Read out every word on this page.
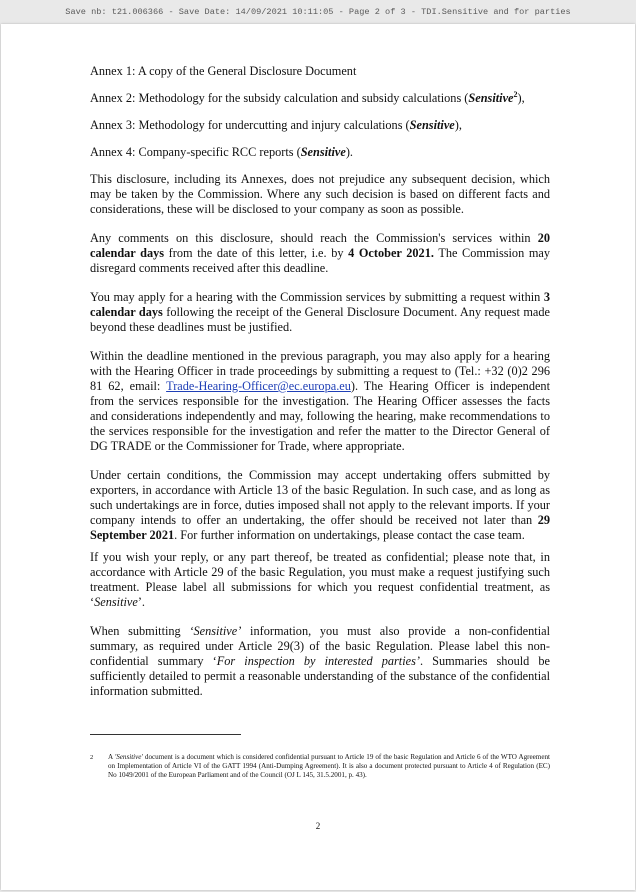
Save nb: t21.006366 - Save Date: 14/09/2021 10:11:05 - Page 2 of 3 - TDI.Sensitive and for parties

Annex 1: A copy of the General Disclosure Document

Annex 2: Methodology for the subsidy calculation and subsidy calculations (Sensitive$^2$),

Annex 3: Methodology for undercutting and injury calculations (Sensitive),

Annex 4: Company-specific RCC reports (Sensitive).

This disclosure, including its Annexes, does not prejudice any subsequent decision, which may be taken by the Commission. Where any such decision is based on different facts and considerations, these will be disclosed to your company as soon as possible.

Any comments on this disclosure, should reach the Commission's services within 20 calendar days from the date of this letter, i.e. by 4 October 2021. The Commission may disregard comments received after this deadline.

You may apply for a hearing with the Commission services by submitting a request within 3 calendar days following the receipt of the General Disclosure Document. Any request made beyond these deadlines must be justified.

Within the deadline mentioned in the previous paragraph, you may also apply for a hearing with the Hearing Officer in trade proceedings by submitting a request to (Tel.: +32 (0)2 296 81 62, email: Trade-Hearing-Officer@ec.europa.eu). The Hearing Officer is independent from the services responsible for the investigation. The Hearing Officer assesses the facts and considerations independently and may, following the hearing, make recommendations to the services responsible for the investigation and refer the matter to the Director General of DG TRADE or the Commissioner for Trade, where appropriate.

Under certain conditions, the Commission may accept undertaking offers submitted by exporters, in accordance with Article 13 of the basic Regulation. In such case, and as long as such undertakings are in force, duties imposed shall not apply to the relevant imports. If your company intends to offer an undertaking, the offer should be received not later than 29 September 2021. For further information on undertakings, please contact the case team.

If you wish your reply, or any part thereof, be treated as confidential; please note that, in accordance with Article 29 of the basic Regulation, you must make a request justifying such treatment. Please label all submissions for which you request confidential treatment, as ‘Sensitive’.

When submitting ‘Sensitive’ information, you must also provide a non-confidential summary, as required under Article 29(3) of the basic Regulation. Please label this non-confidential summary ‘For inspection by interested parties’. Summaries should be sufficiently detailed to permit a reasonable understanding of the substance of the confidential information submitted.

2 A 'Sensitive' document is a document which is considered confidential pursuant to Article 19 of the basic Regulation and Article 6 of the WTO Agreement on Implementation of Article VI of the GATT 1994 (Anti-Dumping Agreement). It is also a document protected pursuant to Article 4 of Regulation (EC) No 1049/2001 of the European Parliament and of the Council (OJ L 145, 31.5.2001, p. 43).
2
